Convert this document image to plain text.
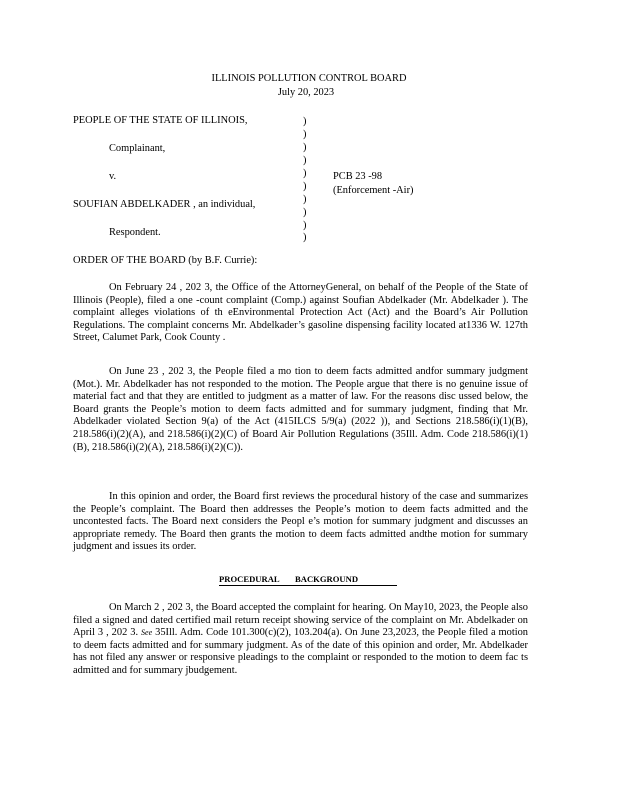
ILLINOIS POLLUTION CONTROL BOARD
July 20, 2023
PEOPLE OF THE STATE OF ILLINOIS,
Complainant,
v.
SOUFIAN ABDELKADER , an individual,
Respondent.
)
)
)
)
)
)
)
)
)
)
PCB 23 -98
(Enforcement -Air)
ORDER OF THE BOARD (by B.F. Currie):
On February 24 , 202 3, the Office of the AttorneyGeneral, on behalf of the People of the State of Illinois (People), filed a one -count complaint (Comp.) against Soufian Abdelkader (Mr. Abdelkader ). The complaint alleges violations of th eEnvironmental Protection Act (Act) and the Board’s Air Pollution Regulations. The complaint concerns Mr. Abdelkader’s gasoline dispensing facility located at1336 W. 127th Street, Calumet Park, Cook County .
On June 23 , 202 3, the People filed a mo tion to deem facts admitted andfor summary judgment (Mot.). Mr. Abdelkader has not responded to the motion. The People argue that there is no genuine issue of material fact and that they are entitled to judgment as a matter of law. For the reasons disc ussed below, the Board grants the People’s motion to deem facts admitted and for summary judgment, finding that Mr. Abdelkader violated Section 9(a) of the Act (415ILCS 5/9(a) (2022 )), and Sections 218.586(i)(1)(B), 218.586(i)(2)(A), and 218.586(i)(2)(C) of Board Air Pollution Regulations (35Ill. Adm. Code 218.586(i)(1)(B), 218.586(i)(2)(A), 218.586(i)(2)(C)).
In this opinion and order, the Board first reviews the procedural history of the case and summarizes the People’s complaint. The Board then addresses the People’s motion to deem facts admitted and the uncontested facts. The Board next considers the Peopl e’s motion for summary judgment and discusses an appropriate remedy. The Board then grants the motion to deem facts admitted andthe motion for summary judgment and issues its order.
PROCEDURAL BACKGROUND

On March 2 , 202 3, the Board accepted the complaint for hearing. On May10, 2023, the People also filed a signed and dated certified mail return receipt showing service of the complaint on Mr. Abdelkader on April 3 , 202 3. See 35Ill. Adm. Code 101.300(c)(2), 103.204(a). On June 23,2023, the People filed a motion to deem facts admitted and for summary judgment. As of the date of this opinion and order, Mr. Abdelkader has not filed any answer or responsive pleadings to the complaint or responded to the motion to deem fac ts admitted and for summary jbudgement.
